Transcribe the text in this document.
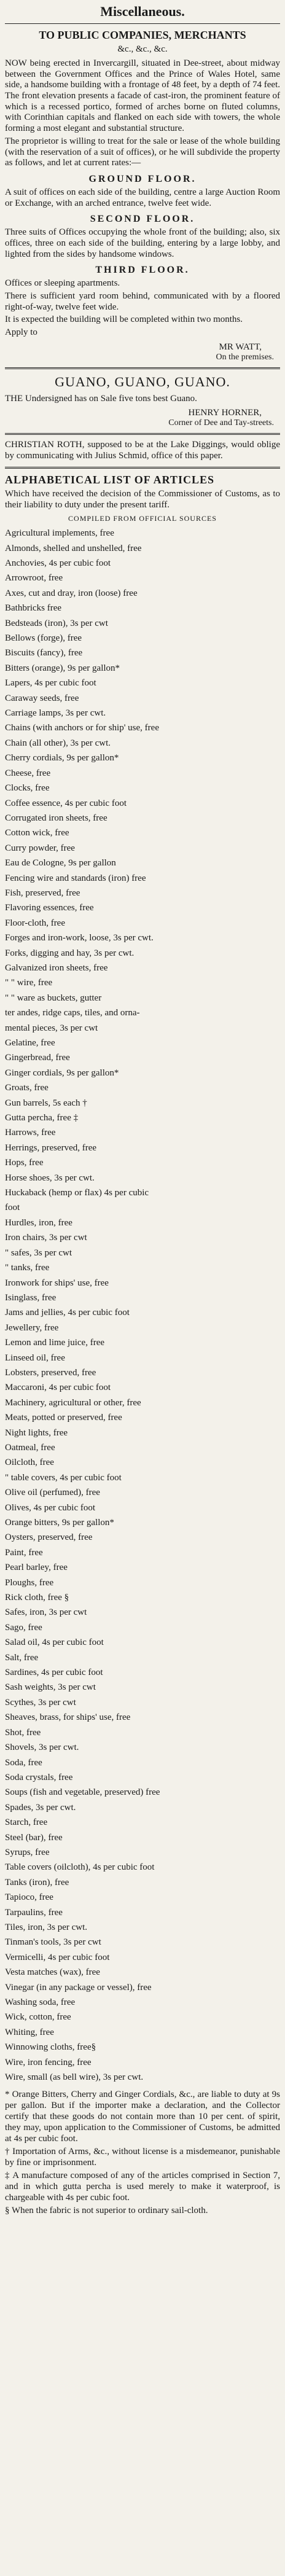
Miscellaneous.
TO PUBLIC COMPANIES, MERCHANTS
&c., &c., &c.
NOW being erected in Invercargill, situated in Dee-street, about midway between the Government Offices and the Prince of Wales Hotel, same side, a handsome building with a frontage of 48 feet, by a depth of 74 feet. The front elevation presents a facade of cast-iron, the prominent feature of which is a recessed portico, formed of arches borne on fluted columns, with Corinthian capitals and flanked on each side with towers, the whole forming a most elegant and substantial structure.
The proprietor is willing to treat for the sale or lease of the whole building (with the reservation of a suit of offices), or he will subdivide the property as follows, and let at current rates:—
GROUND FLOOR.
A suit of offices on each side of the building, centre a large Auction Room or Exchange, with an arched entrance, twelve feet wide.
SECOND FLOOR.
Three suits of Offices occupying the whole front of the building; also, six offices, three on each side of the building, entering by a large lobby, and lighted from the sides by handsome windows.
THIRD FLOOR.
Offices or sleeping apartments.
There is sufficient yard room behind, communicated with by a floored right-of-way, twelve feet wide.
It is expected the building will be completed within two months.
Apply to
MR WATT,
On the premises.
GUANO, GUANO, GUANO.
THE Undersigned has on Sale five tons best Guano.
HENRY HORNER,
Corner of Dee and Tay-streets.
CHRISTIAN ROTH, supposed to be at the Lake Diggings, would oblige by communicating with Julius Schmid, office of this paper.
ALPHABETICAL LIST OF ARTICLES
Which have received the decision of the Commissioner of Customs, as to their liability to duty under the present tariff.
COMPILED FROM OFFICIAL SOURCES
Agricultural implements, free
Almonds, shelled and unshelled, free
Anchovies, 4s per cubic foot
Arrowroot, free
Axes, cut and dray, iron (loose) free
Bathbricks free
Bedsteads (iron), 3s per cwt
Bellows (forge), free
Biscuits (fancy), free
Bitters (orange), 9s per gallon*
Lapers, 4s per cubic foot
Caraway seeds, free
Carriage lamps, 3s per cwt.
Chains (with anchors or for ship' use, free
Chain (all other), 3s per cwt.
Cherry cordials, 9s per gallon*
Cheese, free
Clocks, free
Coffee essence, 4s per cubic foot
Corrugated iron sheets, free
Cotton wick, free
Curry powder, free
Eau de Cologne, 9s per gallon
Fencing wire and standards (iron) free
Fish, preserved, free
Flavoring essences, free
Floor-cloth, free
Forges and iron-work, loose, 3s per cwt.
Forks, digging and hay, 3s per cwt.
Galvanized iron sheets, free
" " wire, free
" " ware as buckets, gutter
ter andes, ridge caps, tiles, and orna-
mental pieces, 3s per cwt
Gelatine, free
Gingerbread, free
Ginger cordials, 9s per gallon*
Groats, free
Gun barrels, 5s each †
Gutta percha, free ‡
Harrows, free
Herrings, preserved, free
Hops, free
Horse shoes, 3s per cwt.
Huckaback (hemp or flax) 4s per cubic
foot
Hurdles, iron, free
Iron chairs, 3s per cwt
" safes, 3s per cwt
" tanks, free
Ironwork for ships' use, free
Isinglass, free
Jams and jellies, 4s per cubic foot
Jewellery, free
Lemon and lime juice, free
Linseed oil, free
Lobsters, preserved, free
Maccaroni, 4s per cubic foot
Machinery, agricultural or other, free
Meats, potted or preserved, free
Night lights, free
Oatmeal, free
Oilcloth, free
" table covers, 4s per cubic foot
Olive oil (perfumed), free
Olives, 4s per cubic foot
Orange bitters, 9s per gallon*
Oysters, preserved, free
Paint, free
Pearl barley, free
Ploughs, free
Rick cloth, free §
Safes, iron, 3s per cwt
Sago, free
Salad oil, 4s per cubic foot
Salt, free
Sardines, 4s per cubic foot
Sash weights, 3s per cwt
Scythes, 3s per cwt
Sheaves, brass, for ships' use, free
Shot, free
Shovels, 3s per cwt.
Soda, free
Soda crystals, free
Soups (fish and vegetable, preserved) free
Spades, 3s per cwt.
Starch, free
Steel (bar), free
Syrups, free
Table covers (oilcloth), 4s per cubic foot
Tanks (iron), free
Tapioco, free
Tarpaulins, free
Tiles, iron, 3s per cwt.
Tinman's tools, 3s per cwt
Vermicelli, 4s per cubic foot
Vesta matches (wax), free
Vinegar (in any package or vessel), free
Washing soda, free
Wick, cotton, free
Whiting, free
Winnowing cloths, free§
Wire, iron fencing, free
Wire, small (as bell wire), 3s per cwt.
* Orange Bitters, Cherry and Ginger Cordials, &c., are liable to duty at 9s per gallon. But if the importer make a declaration, and the Collector certify that these goods do not contain more than 10 per cent. of spirit, they may, upon application to the Commissioner of Customs, be admitted at 4s per cubic foot.
† Importation of Arms, &c., without license is a misdemeanor, punishable by fine or imprisonment.
‡ A manufacture composed of any of the articles comprised in Section 7, and in which gutta percha is used merely to make it waterproof, is chargeable with 4s per cubic foot.
§ When the fabric is not superior to ordinary sail-cloth.
